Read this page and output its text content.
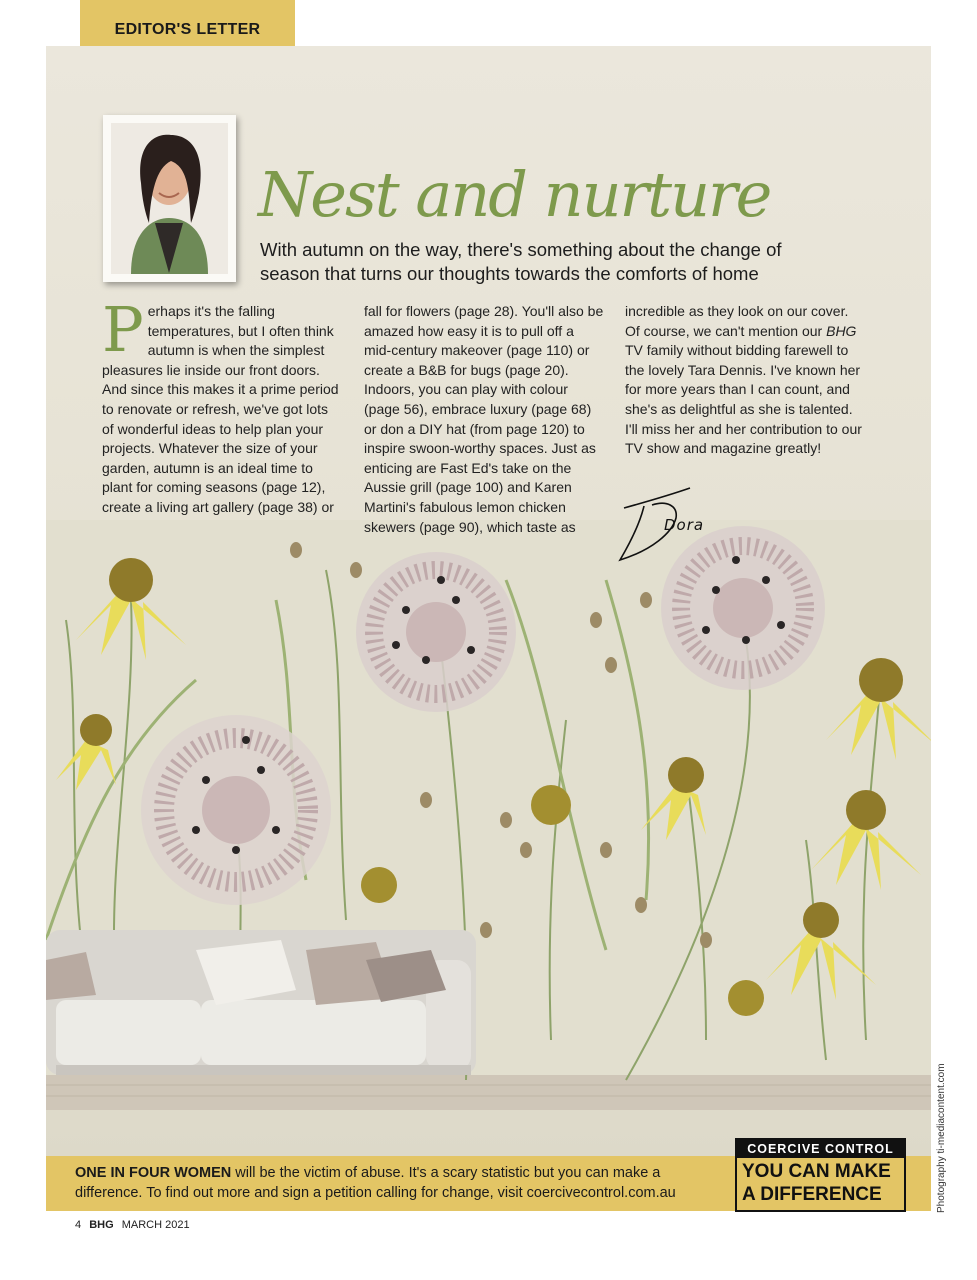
EDITOR'S LETTER
Nest and nurture

With autumn on the way, there's something about the change of season that turns our thoughts towards the comforts of home

Perhaps it's the falling temperatures, but I often think autumn is when the simplest pleasures lie inside our front doors. And since this makes it a prime period to renovate or refresh, we've got lots of wonderful ideas to help plan your projects. Whatever the size of your garden, autumn is an ideal time to plant for coming seasons (page 12), create a living art gallery (page 38) or
fall for flowers (page 28). You'll also be amazed how easy it is to pull off a mid-century makeover (page 110) or create a B&B for bugs (page 20). Indoors, you can play with colour (page 56), embrace luxury (page 68) or don a DIY hat (from page 120) to inspire swoon-worthy spaces. Just as enticing are Fast Ed's take on the Aussie grill (page 100) and Karen Martini's fabulous lemon chicken skewers (page 90), which taste as
incredible as they look on our cover. Of course, we can't mention our BHG TV family without bidding farewell to the lovely Tara Dennis. I've known her for more years than I can count, and she's as delightful as she is talented. I'll miss her and her contribution to our TV show and magazine greatly!
Dora

ONE IN FOUR WOMEN will be the victim of abuse. It's a scary statistic but you can make a difference. To find out more and sign a petition calling for change, visit coercivecontrol.com.au

COERCIVE CONTROL

YOU CAN MAKE A DIFFERENCE	Photography ti-mediacontent.com
4 BHG MARCH 2021
